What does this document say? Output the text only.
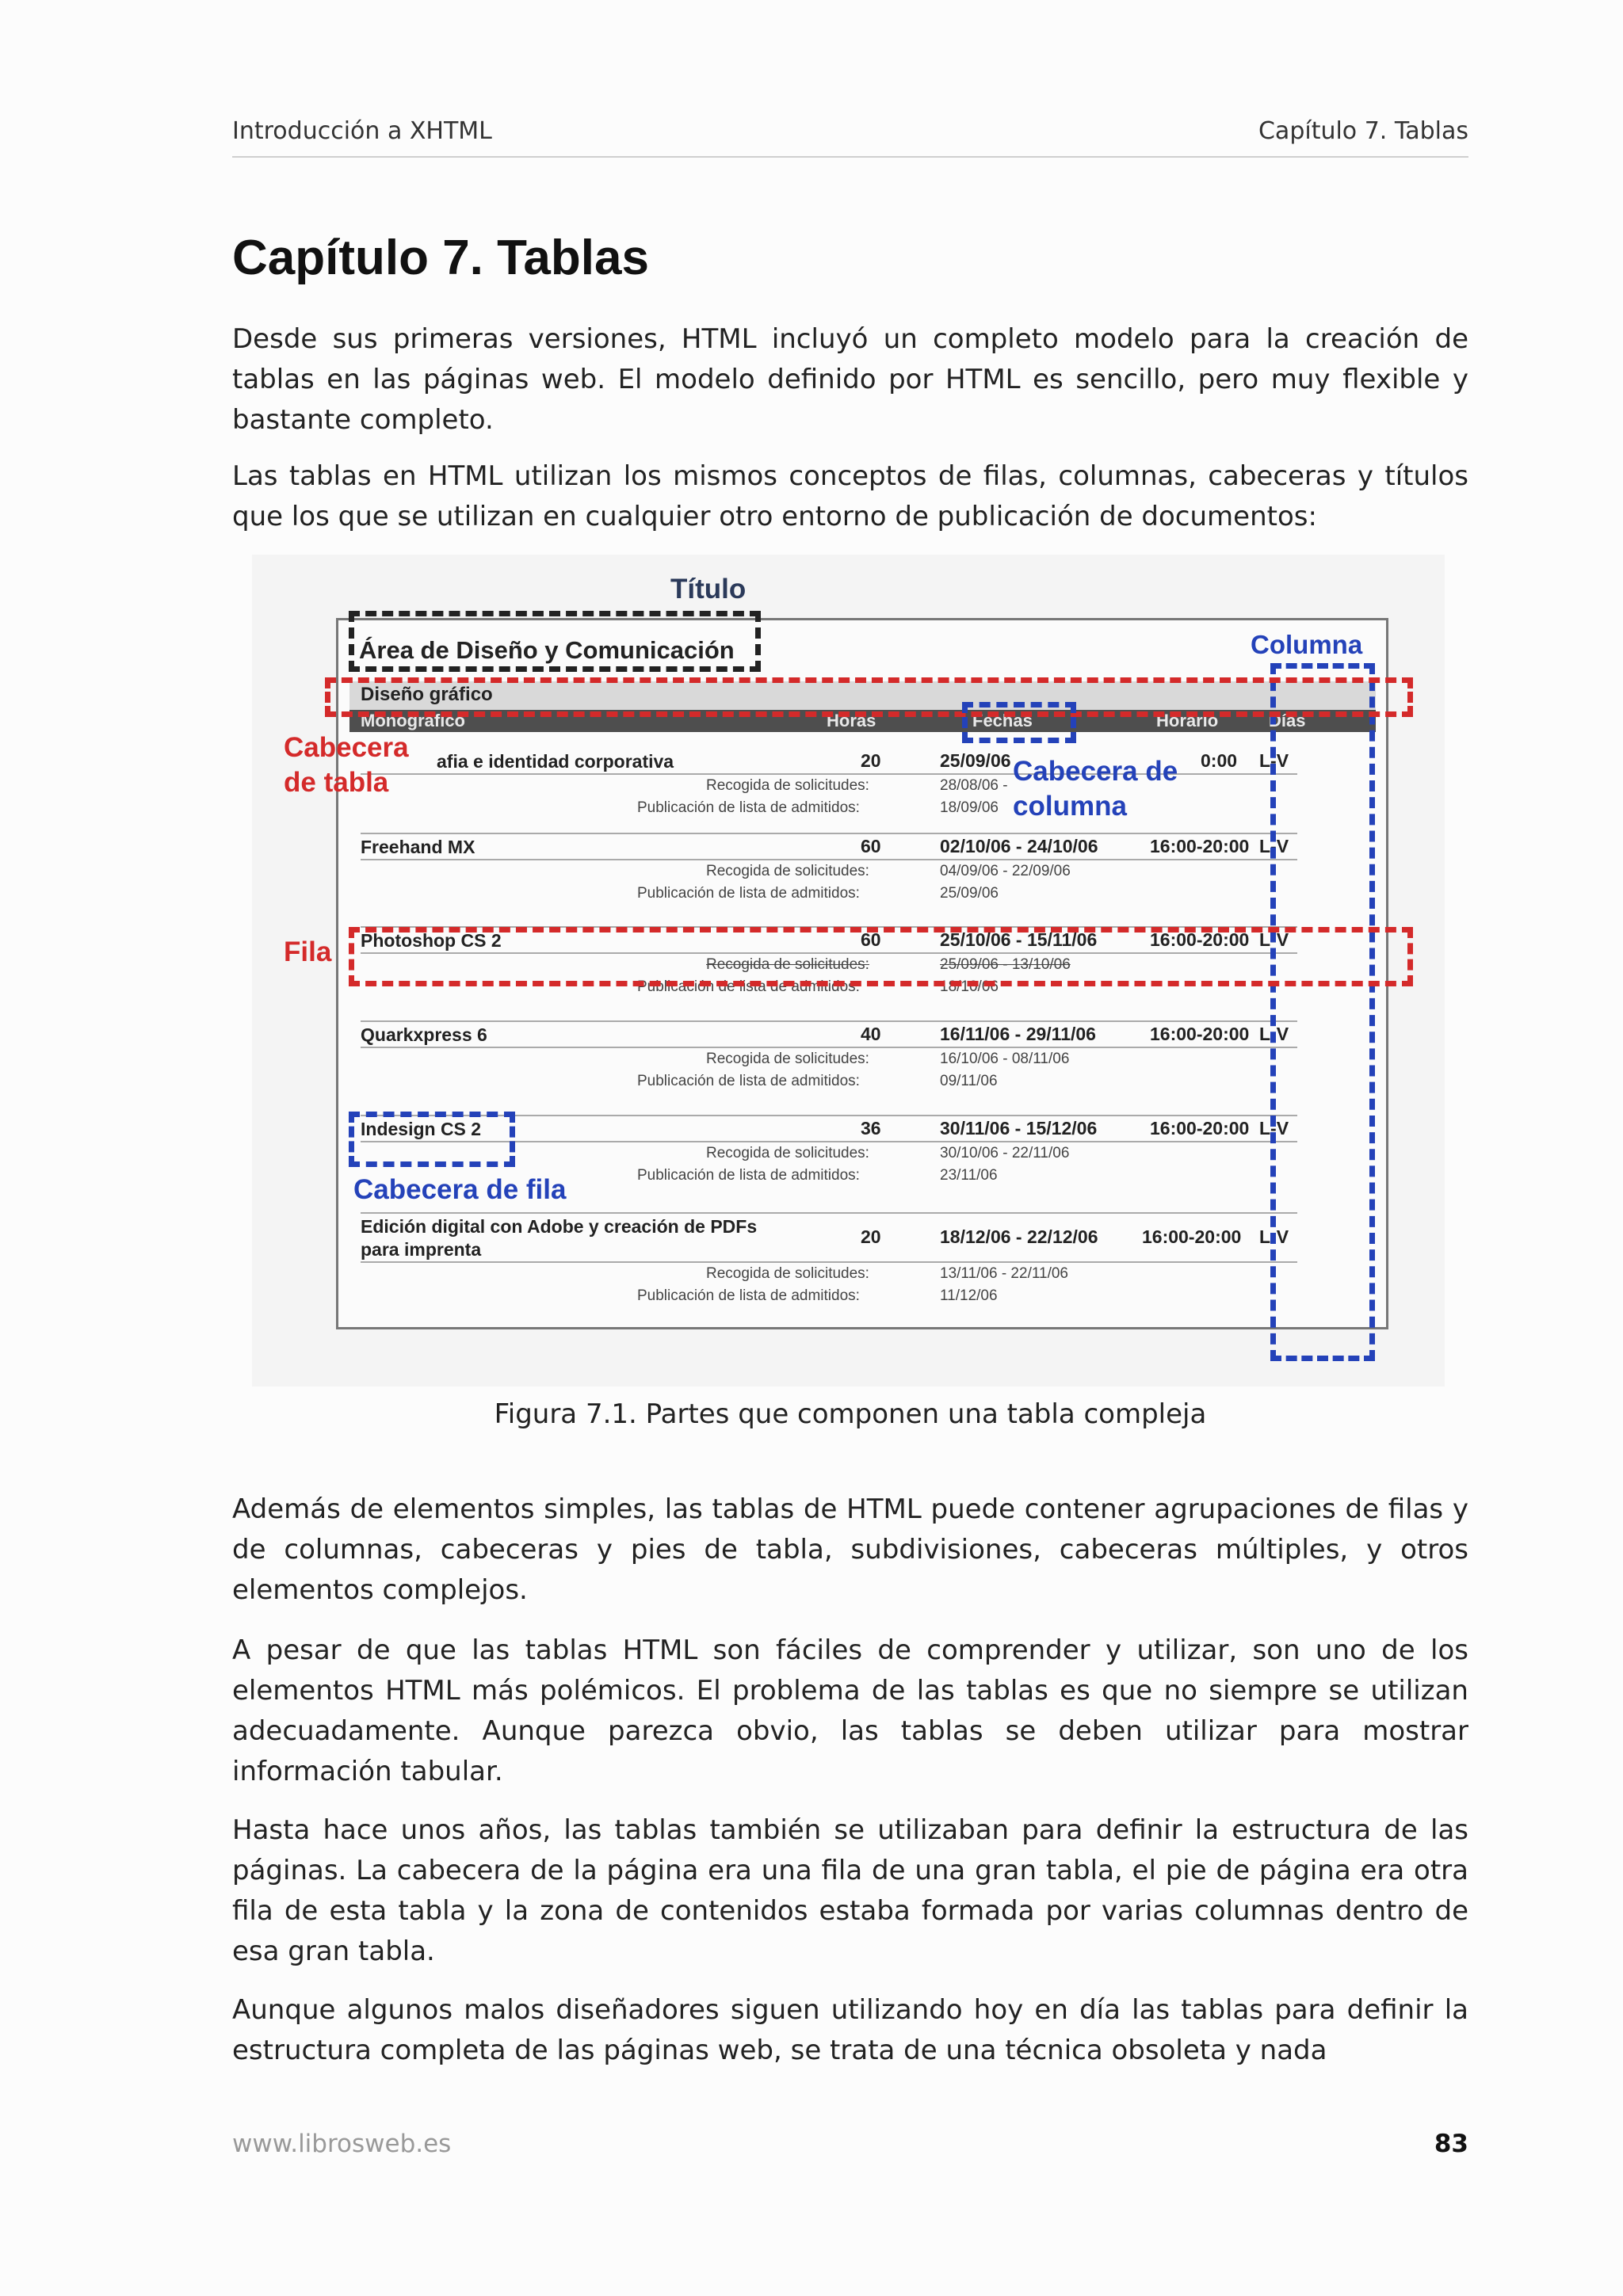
Introducción a XHTML	Capítulo 7. Tablas
Capítulo 7. Tablas

Desde sus primeras versiones, HTML incluyó un completo modelo para la creación de tablas en las páginas web. El modelo definido por HTML es sencillo, pero muy flexible y bastante completo.

Las tablas en HTML utilizan los mismos conceptos de filas, columnas, cabeceras y títulos que los que se utilizan en cualquier otro entorno de publicación de documentos:

Área de Diseño y Comunicación
Diseño gráfico
Monográfico	Horas	Fechas	Horario	Días
afia e identidad corporativa	20	25/09/06	0:00 L-V
Recogida de solicitudes:	28/08/06 -
Publicación de lista de admitidos:	18/09/06
Freehand MX	60	02/10/06 - 24/10/06	16:00-20:00 L-V
Recogida de solicitudes:	04/09/06 - 22/09/06
Publicación de lista de admitidos:	25/09/06
Photoshop CS 2	60	25/10/06 - 15/11/06	16:00-20:00 L-V
Recogida de solicitudes:	25/09/06 - 13/10/06
Publicación de lista de admitidos:	18/10/06
Quarkxpress 6	40	16/11/06 - 29/11/06	16:00-20:00 L-V
Recogida de solicitudes:	16/10/06 - 08/11/06
Publicación de lista de admitidos:	09/11/06
Indesign CS 2	36	30/11/06 - 15/12/06	16:00-20:00 L-V
Recogida de solicitudes:	30/10/06 - 22/11/06
Publicación de lista de admitidos:	23/11/06
Edición digital con Adobe y creación de PDFs para imprenta
20	18/12/06 - 22/12/06 16:00-20:00 L-V
Recogida de solicitudes:	13/11/06 - 22/11/06
Publicación de lista de admitidos:	11/12/06
Título
Columna
Cabecera de tabla	Cabecera de columna
Fila
Cabecera de fila
Figura 7.1. Partes que componen una tabla compleja

Además de elementos simples, las tablas de HTML puede contener agrupaciones de filas y de columnas, cabeceras y pies de tabla, subdivisiones, cabeceras múltiples, y otros elementos complejos.

A pesar de que las tablas HTML son fáciles de comprender y utilizar, son uno de los elementos HTML más polémicos. El problema de las tablas es que no siempre se utilizan adecuadamente. Aunque parezca obvio, las tablas se deben utilizar para mostrar información tabular.

Hasta hace unos años, las tablas también se utilizaban para definir la estructura de las páginas. La cabecera de la página era una fila de una gran tabla, el pie de página era otra fila de esta tabla y la zona de contenidos estaba formada por varias columnas dentro de esa gran tabla.

Aunque algunos malos diseñadores siguen utilizando hoy en día las tablas para definir la estructura completa de las páginas web, se trata de una técnica obsoleta y nada

www.librosweb.es	83
